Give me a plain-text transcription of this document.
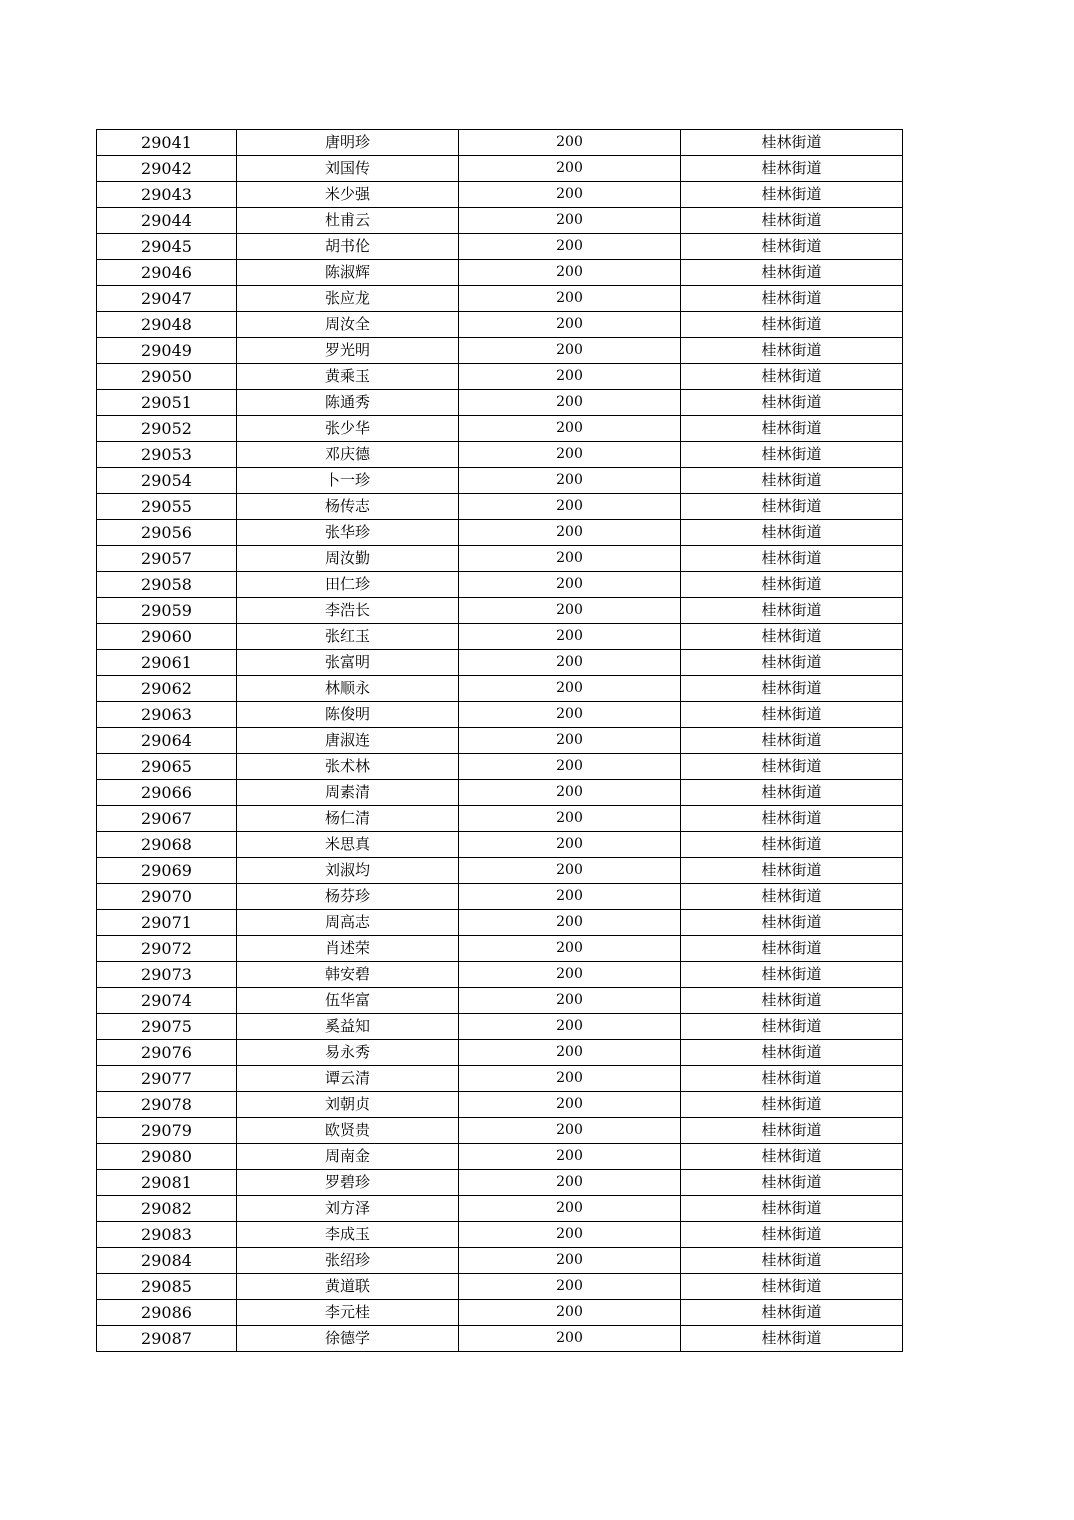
29041	唐明珍	200	桂林街道
29042	刘国传	200	桂林街道
29043	米少强	200	桂林街道
29044	杜甫云	200	桂林街道
29045	胡书伦	200	桂林街道
29046	陈淑辉	200	桂林街道
29047	张应龙	200	桂林街道
29048	周汝全	200	桂林街道
29049	罗光明	200	桂林街道
29050	黄乘玉	200	桂林街道
29051	陈通秀	200	桂林街道
29052	张少华	200	桂林街道
29053	邓庆德	200	桂林街道
29054	卜一珍	200	桂林街道
29055	杨传志	200	桂林街道
29056	张华珍	200	桂林街道
29057	周汝勤	200	桂林街道
29058	田仁珍	200	桂林街道
29059	李浩长	200	桂林街道
29060	张红玉	200	桂林街道
29061	张富明	200	桂林街道
29062	林顺永	200	桂林街道
29063	陈俊明	200	桂林街道
29064	唐淑连	200	桂林街道
29065	张术林	200	桂林街道
29066	周素清	200	桂林街道
29067	杨仁清	200	桂林街道
29068	米思真	200	桂林街道
29069	刘淑均	200	桂林街道
29070	杨芬珍	200	桂林街道
29071	周高志	200	桂林街道
29072	肖述荣	200	桂林街道
29073	韩安碧	200	桂林街道
29074	伍华富	200	桂林街道
29075	奚益知	200	桂林街道
29076	易永秀	200	桂林街道
29077	谭云清	200	桂林街道
29078	刘朝贞	200	桂林街道
29079	欧贤贵	200	桂林街道
29080	周南金	200	桂林街道
29081	罗碧珍	200	桂林街道
29082	刘方泽	200	桂林街道
29083	李成玉	200	桂林街道
29084	张绍珍	200	桂林街道
29085	黄道联	200	桂林街道
29086	李元桂	200	桂林街道
29087	徐德学	200	桂林街道
